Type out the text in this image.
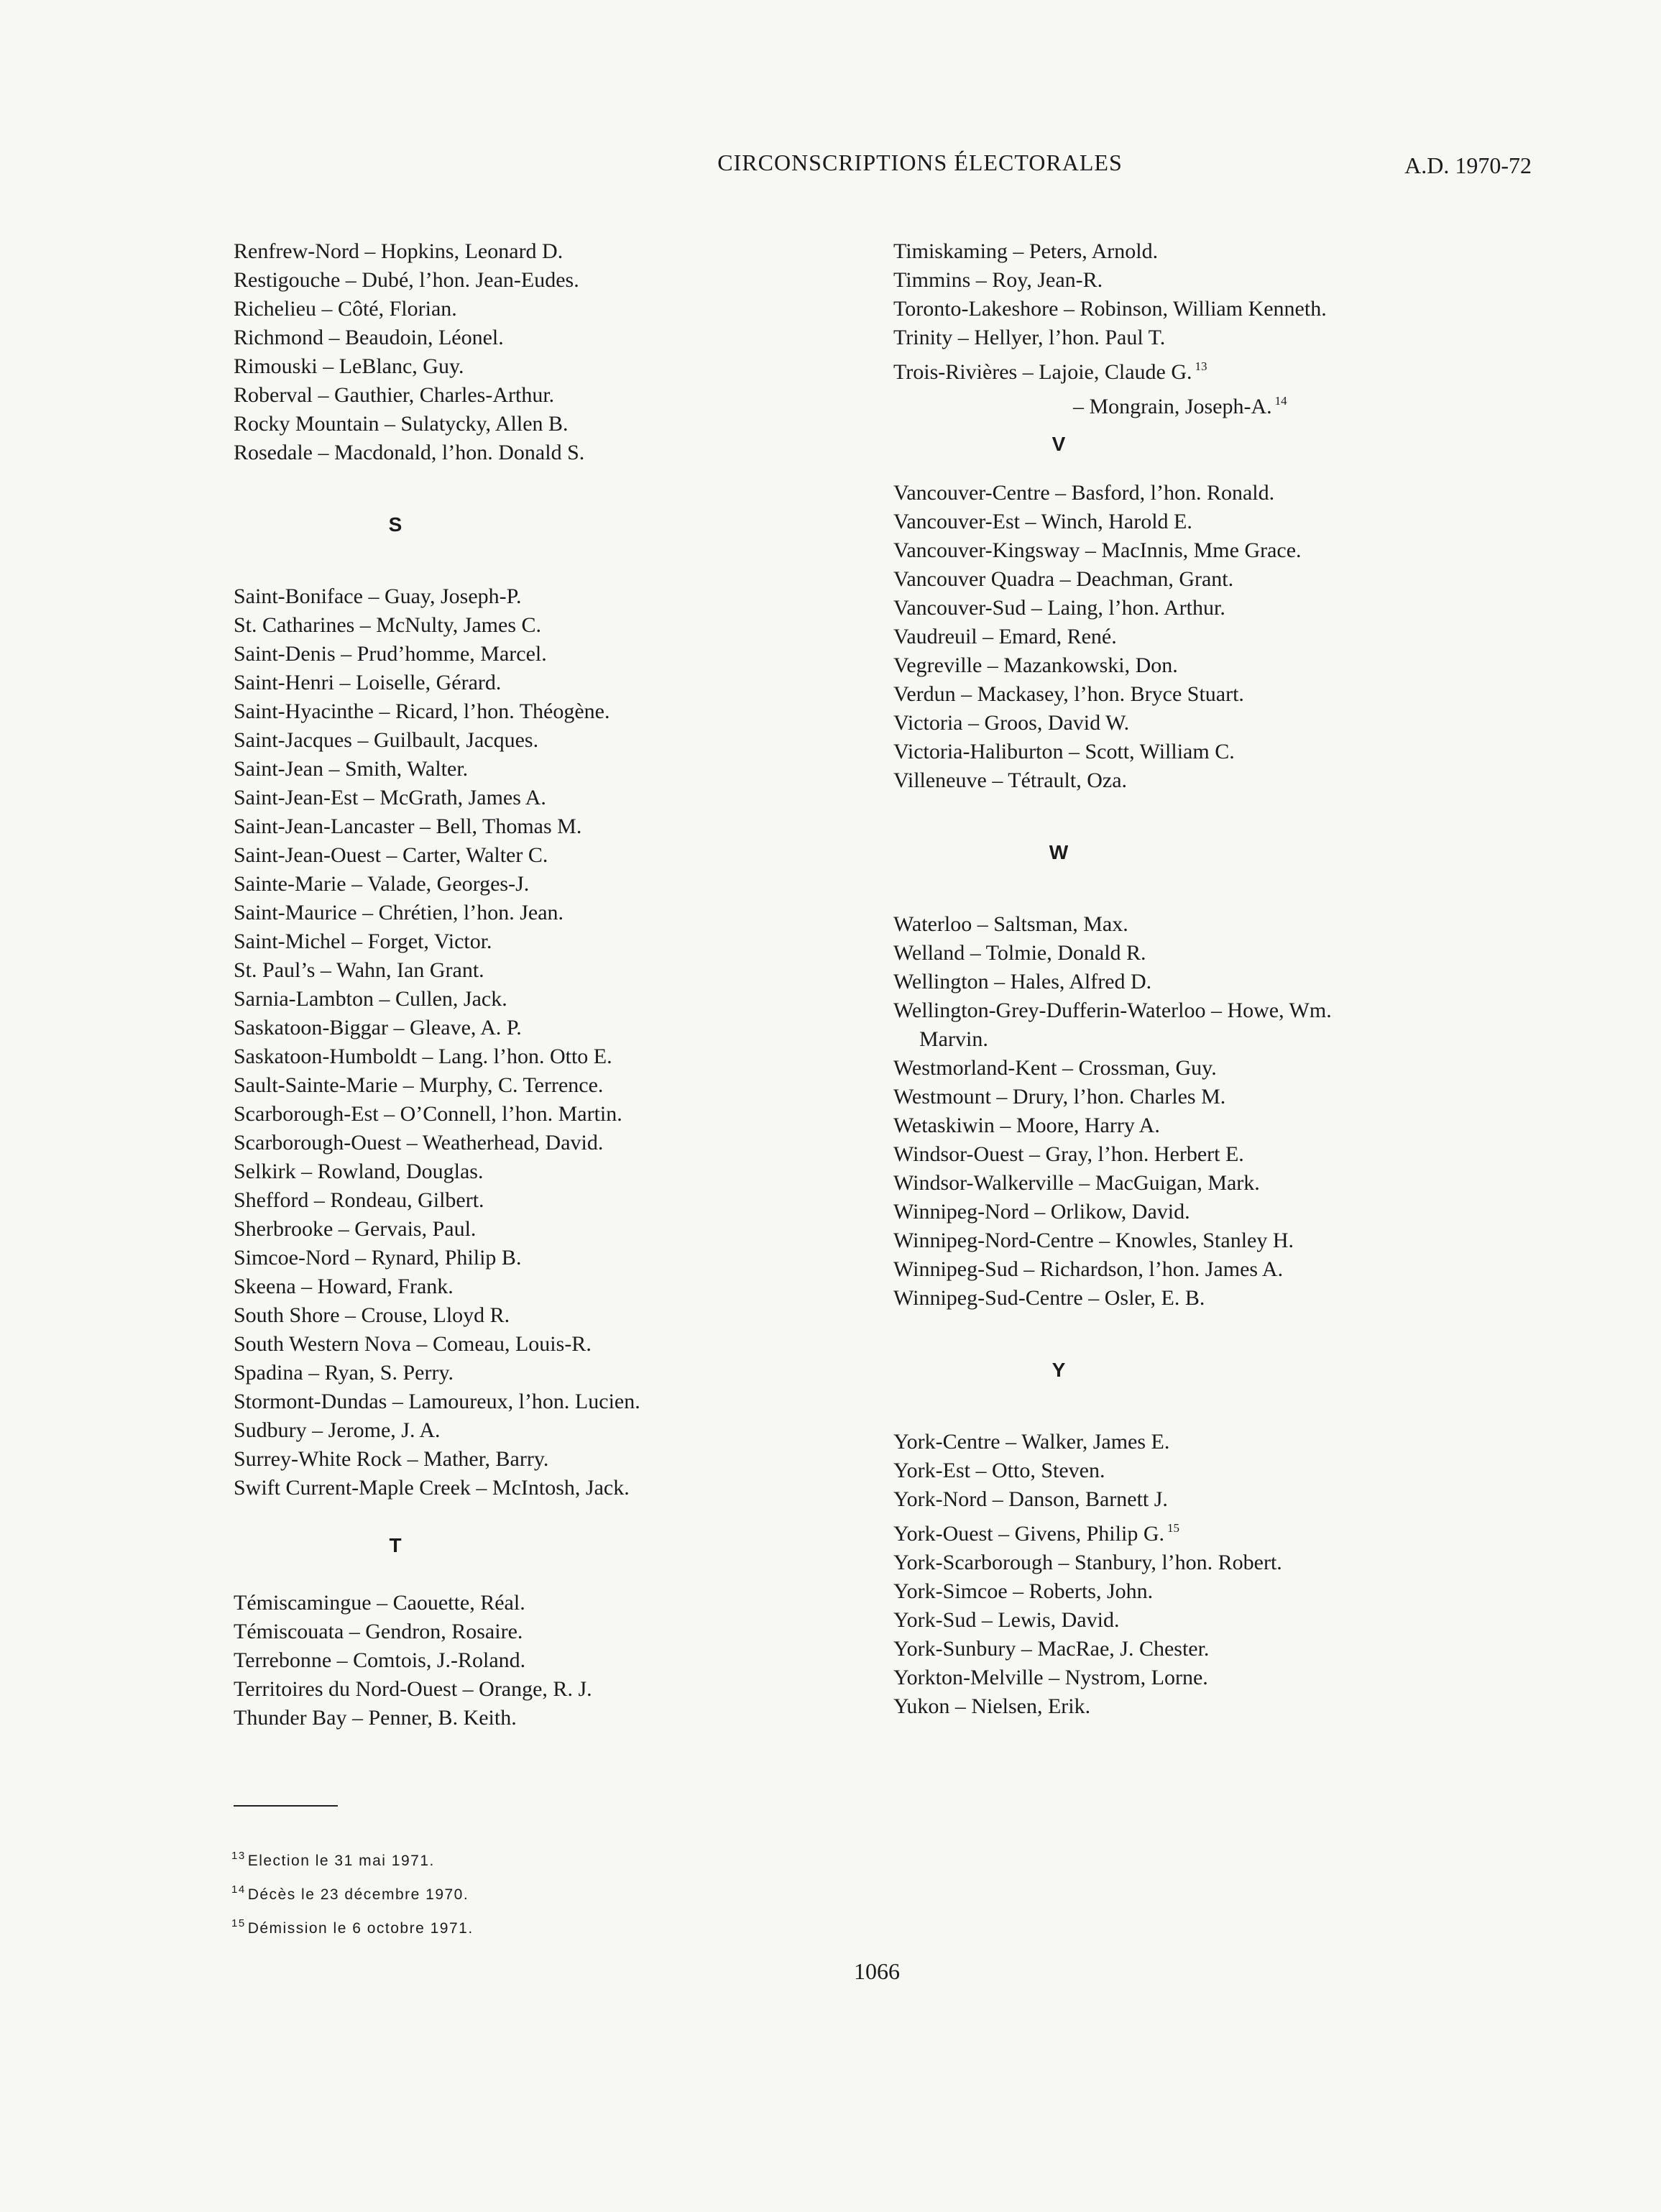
CIRCONSCRIPTIONS ÉLECTORALES	A.D. 1970-72
Renfrew-Nord – Hopkins, Leonard D.
Restigouche – Dubé, l’hon. Jean-Eudes.
Richelieu – Côté, Florian.
Richmond – Beaudoin, Léonel.
Rimouski – LeBlanc, Guy.
Roberval – Gauthier, Charles-Arthur.
Rocky Mountain – Sulatycky, Allen B.
Rosedale – Macdonald, l’hon. Donald S.
S
Saint-Boniface – Guay, Joseph-P.
St. Catharines – McNulty, James C.
Saint-Denis – Prud’homme, Marcel.
Saint-Henri – Loiselle, Gérard.
Saint-Hyacinthe – Ricard, l’hon. Théogène.
Saint-Jacques – Guilbault, Jacques.
Saint-Jean – Smith, Walter.
Saint-Jean-Est – McGrath, James A.
Saint-Jean-Lancaster – Bell, Thomas M.
Saint-Jean-Ouest – Carter, Walter C.
Sainte-Marie – Valade, Georges-J.
Saint-Maurice – Chrétien, l’hon. Jean.
Saint-Michel – Forget, Victor.
St. Paul’s – Wahn, Ian Grant.
Sarnia-Lambton – Cullen, Jack.
Saskatoon-Biggar – Gleave, A. P.
Saskatoon-Humboldt – Lang. l’hon. Otto E.
Sault-Sainte-Marie – Murphy, C. Terrence.
Scarborough-Est – O’Connell, l’hon. Martin.
Scarborough-Ouest – Weatherhead, David.
Selkirk – Rowland, Douglas.
Shefford – Rondeau, Gilbert.
Sherbrooke – Gervais, Paul.
Simcoe-Nord – Rynard, Philip B.
Skeena – Howard, Frank.
South Shore – Crouse, Lloyd R.
South Western Nova – Comeau, Louis-R.
Spadina – Ryan, S. Perry.
Stormont-Dundas – Lamoureux, l’hon. Lucien.
Sudbury – Jerome, J. A.
Surrey-White Rock – Mather, Barry.
Swift Current-Maple Creek – McIntosh, Jack.
T
Témiscamingue – Caouette, Réal.
Témiscouata – Gendron, Rosaire.
Terrebonne – Comtois, J.-Roland.
Territoires du Nord-Ouest – Orange, R. J.
Thunder Bay – Penner, B. Keith.
Timiskaming – Peters, Arnold.
Timmins – Roy, Jean-R.
Toronto-Lakeshore – Robinson, William Kenneth.
Trinity – Hellyer, l’hon. Paul T.
Trois-Rivières – Lajoie, Claude G. $^{13}$
– Mongrain, Joseph-A. $^{14}$
V
Vancouver-Centre – Basford, l’hon. Ronald.
Vancouver-Est – Winch, Harold E.
Vancouver-Kingsway – MacInnis, Mme Grace.
Vancouver Quadra – Deachman, Grant.
Vancouver-Sud – Laing, l’hon. Arthur.
Vaudreuil – Emard, René.
Vegreville – Mazankowski, Don.
Verdun – Mackasey, l’hon. Bryce Stuart.
Victoria – Groos, David W.
Victoria-Haliburton – Scott, William C.
Villeneuve – Tétrault, Oza.
W
Waterloo – Saltsman, Max.
Welland – Tolmie, Donald R.
Wellington – Hales, Alfred D.
Wellington-Grey-Dufferin-Waterloo – Howe, Wm.
Marvin.
Westmorland-Kent – Crossman, Guy.
Westmount – Drury, l’hon. Charles M.
Wetaskiwin – Moore, Harry A.
Windsor-Ouest – Gray, l’hon. Herbert E.
Windsor-Walkerville – MacGuigan, Mark.
Winnipeg-Nord – Orlikow, David.
Winnipeg-Nord-Centre – Knowles, Stanley H.
Winnipeg-Sud – Richardson, l’hon. James A.
Winnipeg-Sud-Centre – Osler, E. B.
Y
York-Centre – Walker, James E.
York-Est – Otto, Steven.
York-Nord – Danson, Barnett J.
York-Ouest – Givens, Philip G. $^{15}$
York-Scarborough – Stanbury, l’hon. Robert.
York-Simcoe – Roberts, John.
York-Sud – Lewis, David.
York-Sunbury – MacRae, J. Chester.
Yorkton-Melville – Nystrom, Lorne.
Yukon – Nielsen, Erik.
$^{13}$ Election le 31 mai 1971.
$^{14}$ Décès le 23 décembre 1970.
$^{15}$ Démission le 6 octobre 1971.
1066
